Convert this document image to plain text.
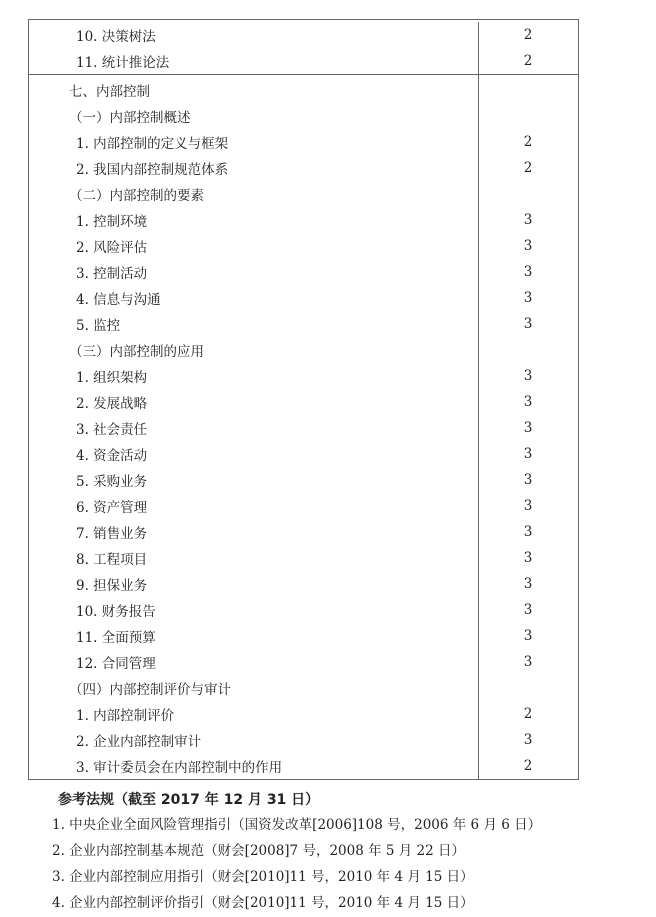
10. 决策树法	2
11. 统计推论法	2
七、内部控制
（一）内部控制概述
1. 内部控制的定义与框架	2
2. 我国内部控制规范体系	2
（二）内部控制的要素
1. 控制环境	3
2. 风险评估	3
3. 控制活动	3
4. 信息与沟通	3
5. 监控	3
（三）内部控制的应用
1. 组织架构	3
2. 发展战略	3
3. 社会责任	3
4. 资金活动	3
5. 采购业务	3
6. 资产管理	3
7. 销售业务	3
8. 工程项目	3
9. 担保业务	3
10. 财务报告	3
11. 全面预算	3
12. 合同管理	3
（四）内部控制评价与审计
1. 内部控制评价	2
2. 企业内部控制审计	3
3. 审计委员会在内部控制中的作用	2
参考法规（截至 2017 年 12 月 31 日）
1. 中央企业全面风险管理指引（国资发改革[2006]108 号，2006 年 6 月 6 日）
2. 企业内部控制基本规范（财会[2008]7 号，2008 年 5 月 22 日）
3. 企业内部控制应用指引（财会[2010]11 号，2010 年 4 月 15 日）
4. 企业内部控制评价指引（财会[2010]11 号，2010 年 4 月 15 日）
